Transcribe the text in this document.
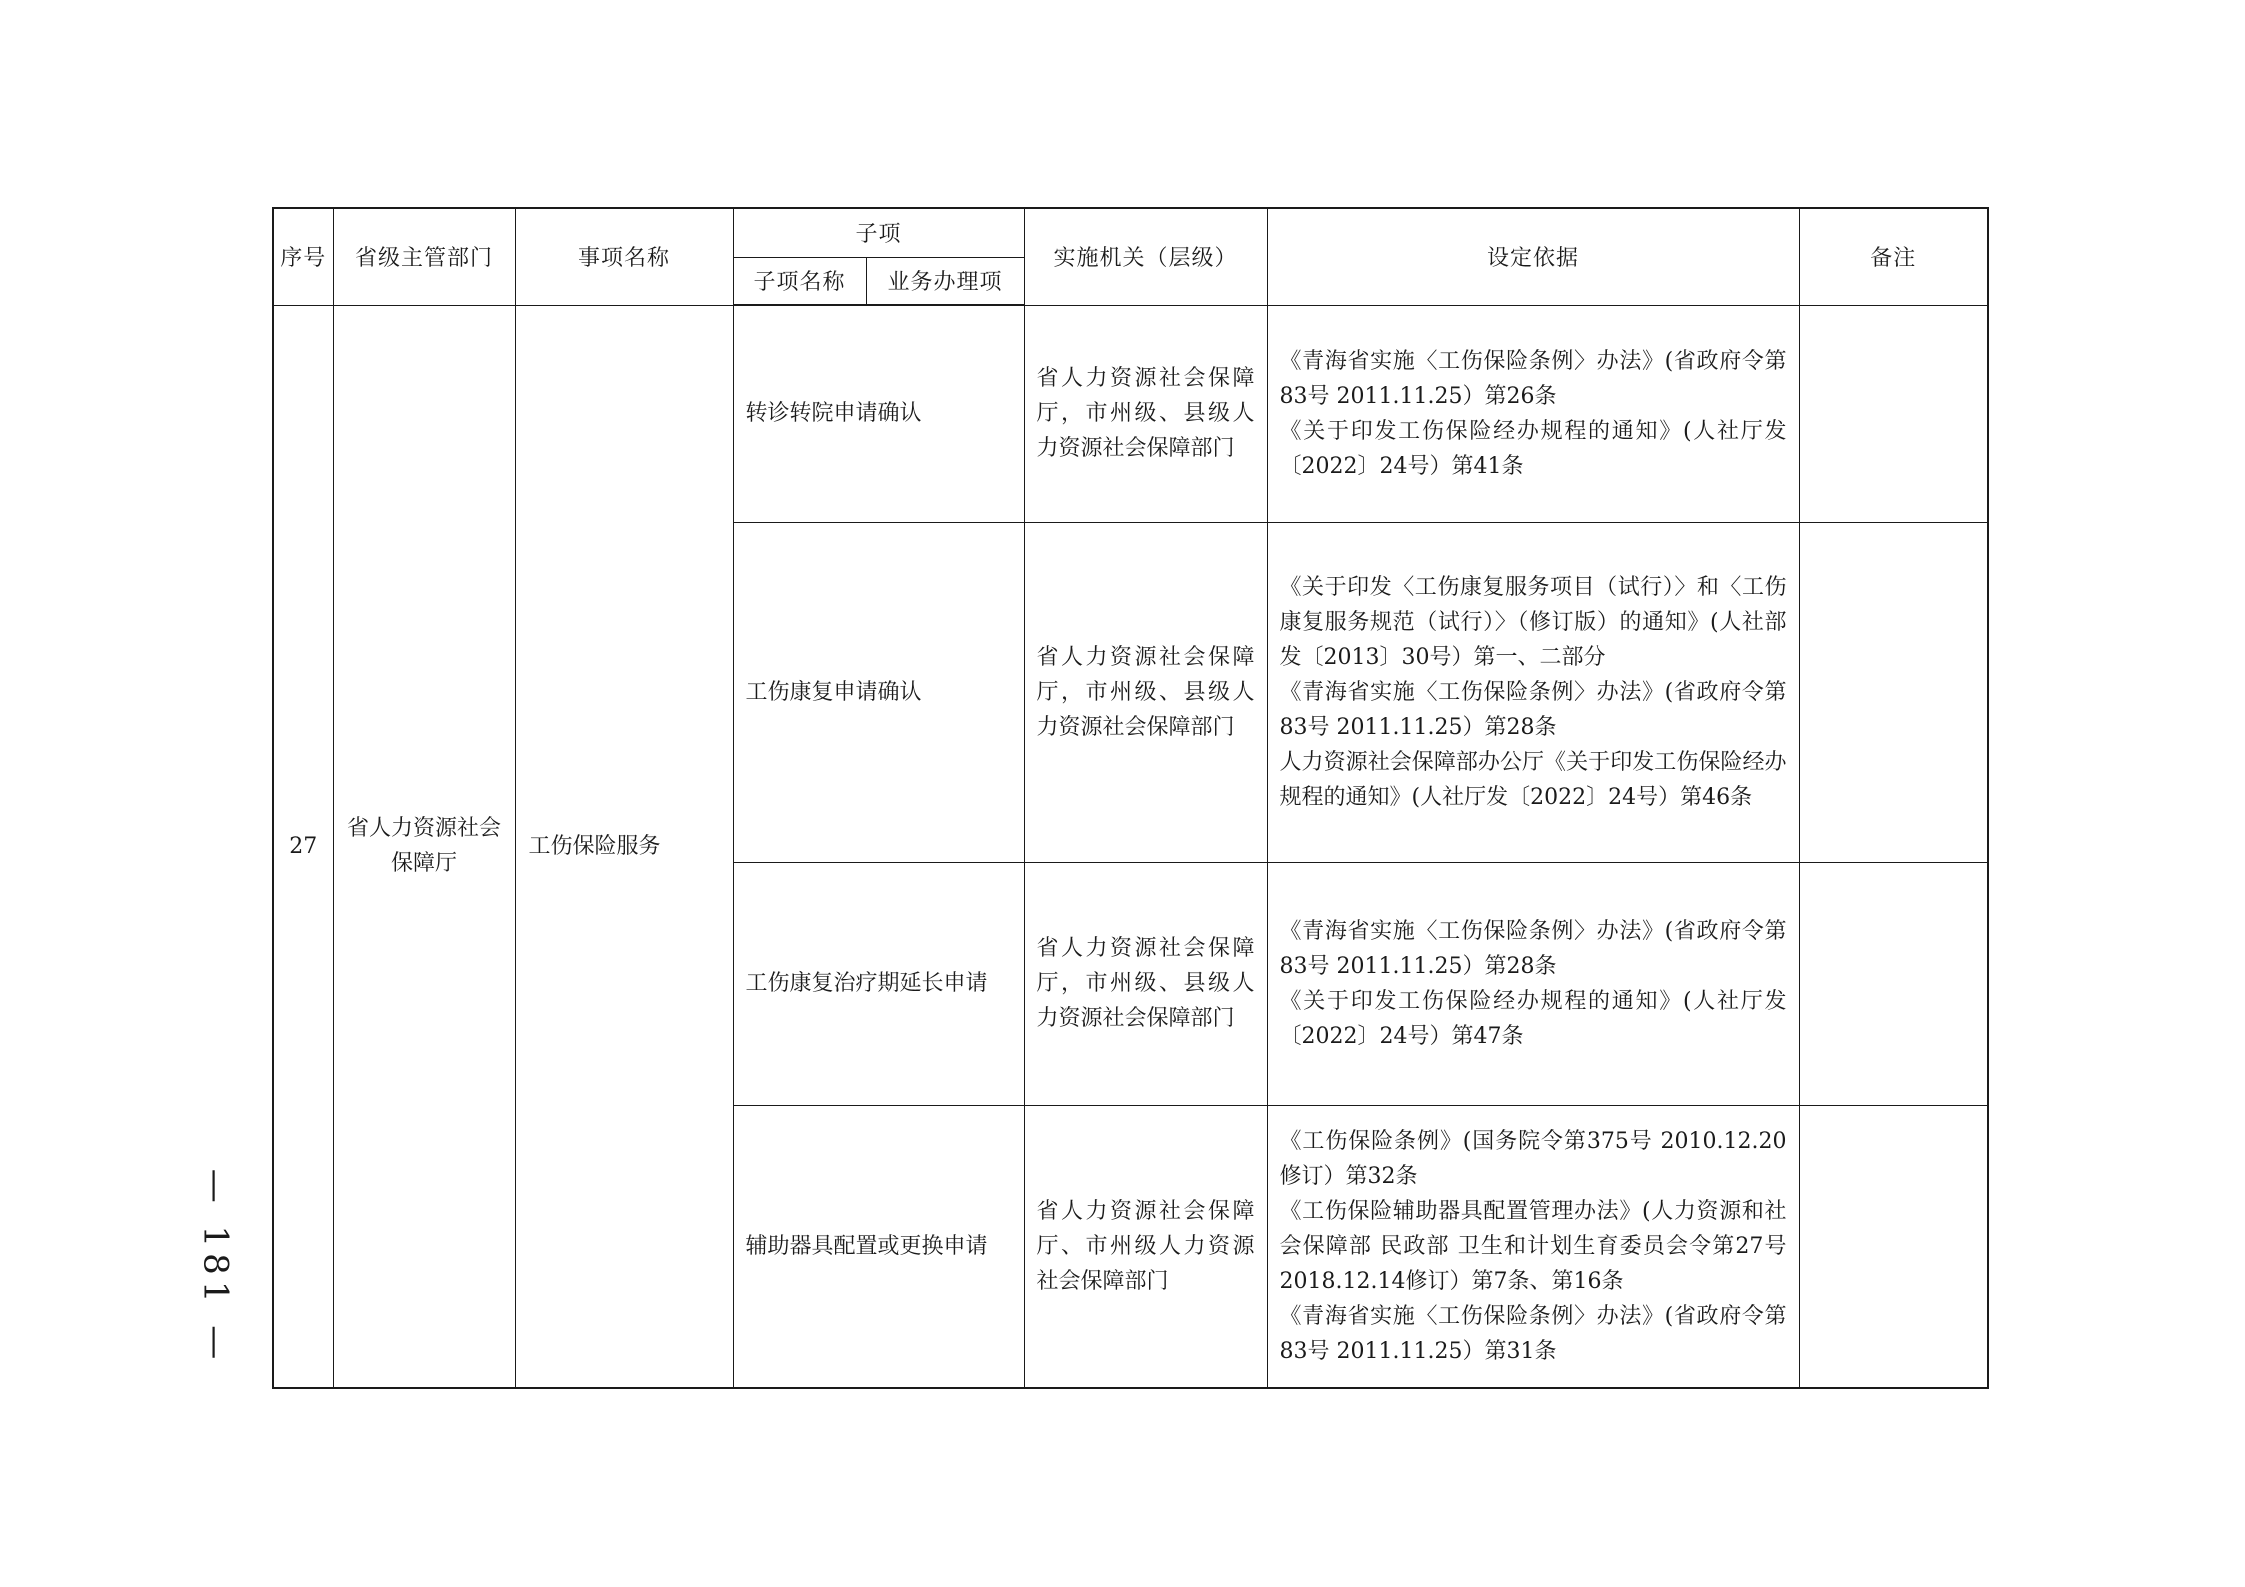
序号	省级主管部门	事项名称	子项		实施机关（层级）	设定依据	备注
			子项名称	业务办理项			
27	省人力资源社会保障厅	工伤保险服务	转诊转院申请确认		省人力资源社会保障厅，市州级、县级人力资源社会保障部门	《青海省实施〈工伤保险条例〉办法》(省政府令第83号 2011.11.25）第26条
《关于印发工伤保险经办规程的通知》(人社厅发〔2022〕24号）第41条	

			工伤康复申请确认		省人力资源社会保障厅，市州级、县级人力资源社会保障部门	《关于印发〈工伤康复服务项目（试行）〉和〈工伤康复服务规范（试行）〉（修订版）的通知》(人社部发〔2013〕30号）第一、二部分
《青海省实施〈工伤保险条例〉办法》(省政府令第83号 2011.11.25）第28条
人力资源社会保障部办公厅《关于印发工伤保险经办规程的通知》(人社厅发〔2022〕24号）第46条	

			工伤康复治疗期延长申请		省人力资源社会保障厅，市州级、县级人力资源社会保障部门	《青海省实施〈工伤保险条例〉办法》(省政府令第83号 2011.11.25）第28条
《关于印发工伤保险经办规程的通知》(人社厅发〔2022〕24号）第47条	

			辅助器具配置或更换申请		省人力资源社会保障厅、市州级人力资源社会保障部门	《工伤保险条例》(国务院令第375号 2010.12.20修订）第32条
《工伤保险辅助器具配置管理办法》(人力资源和社会保障部 民政部 卫生和计划生育委员会令第27号 2018.12.14修订）第7条、第16条
《青海省实施〈工伤保险条例〉办法》(省政府令第83号 2011.11.25）第31条	

— 181 —
